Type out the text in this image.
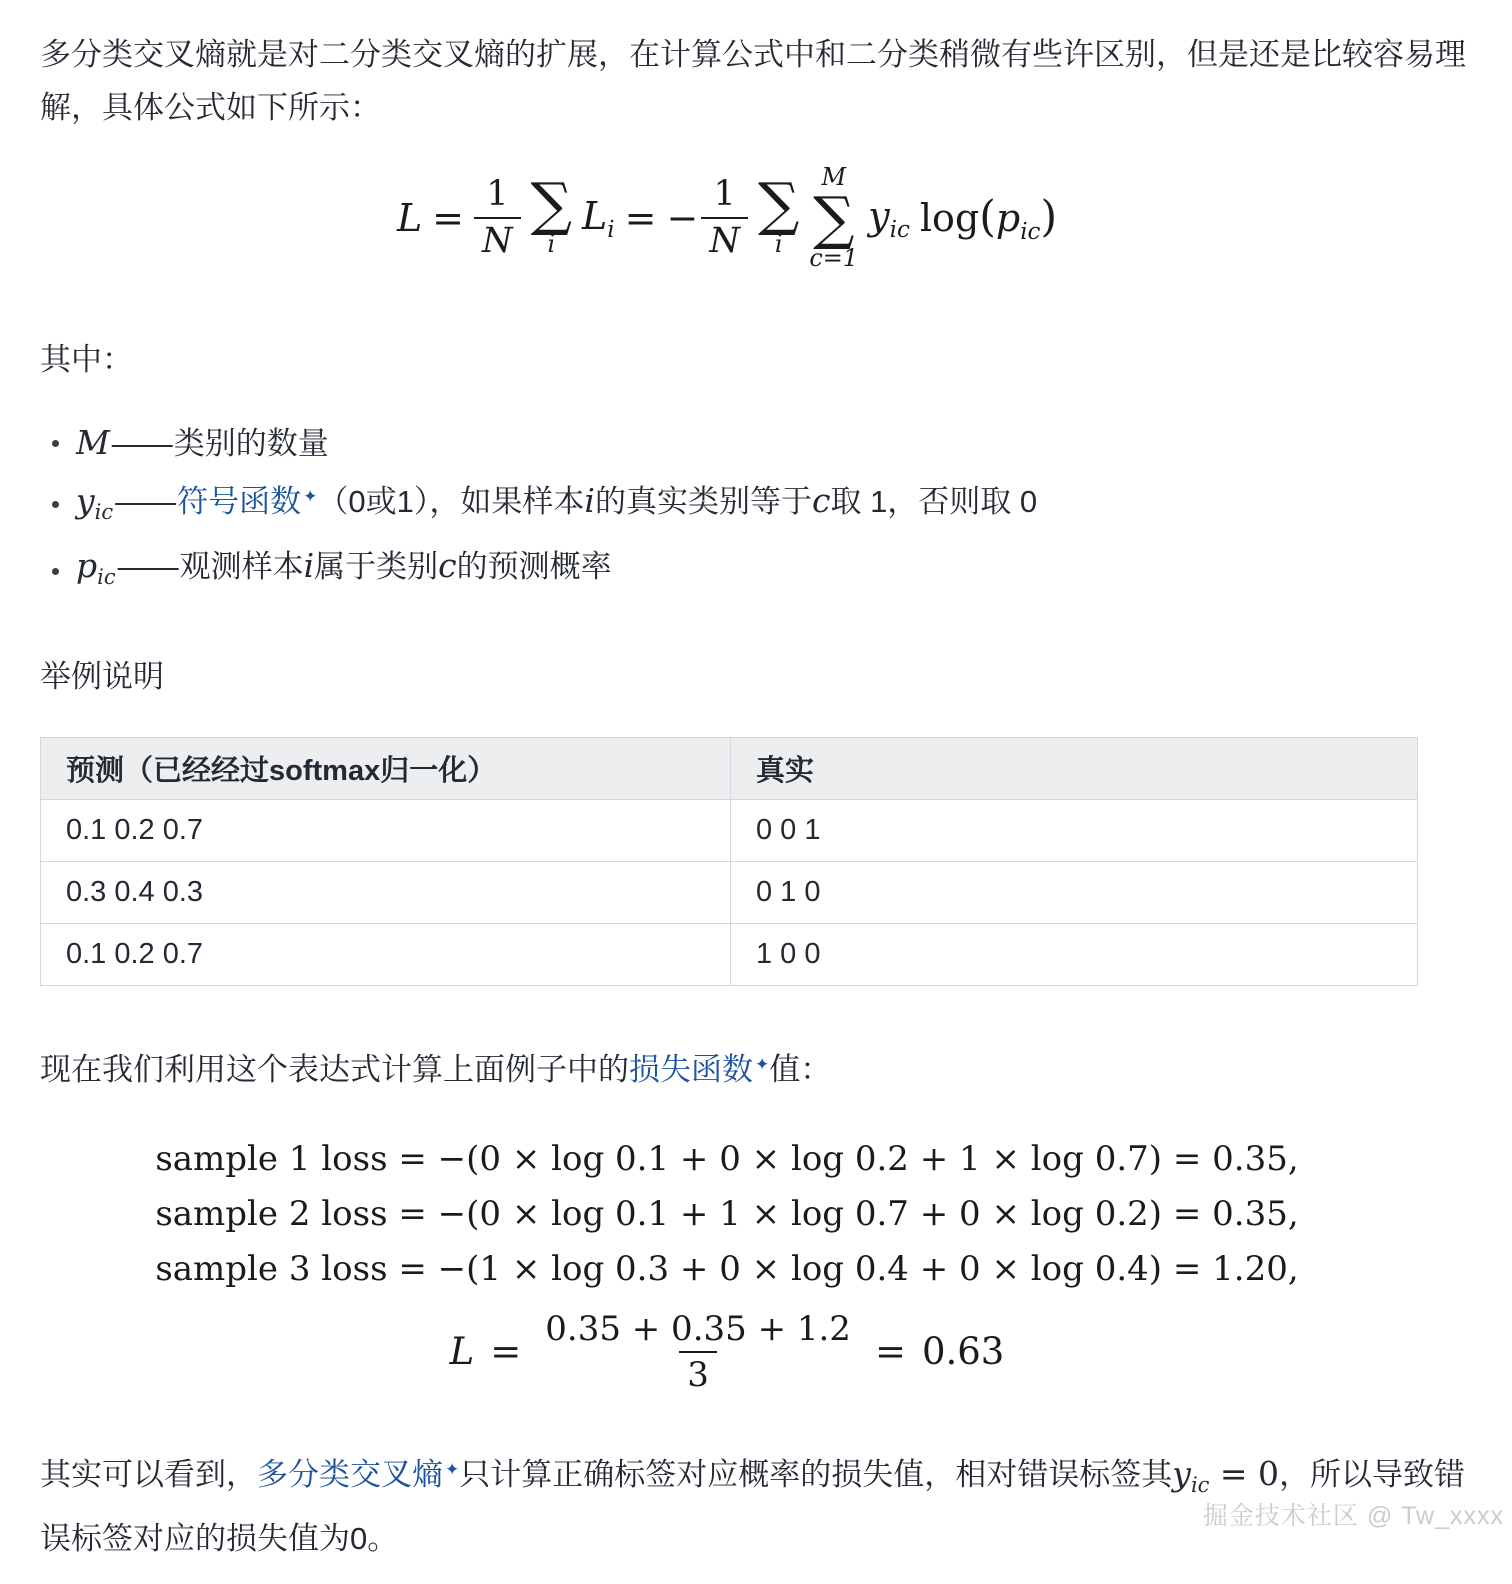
多分类交叉熵就是对二分类交叉熵的扩展，在计算公式中和二分类稍微有些许区别，但是还是比较容易理解，具体公式如下所示：

$L = \frac{1}{N}$ ∑
i
$L_i$ = − $\frac{1}{N}$ ∑
i
M
∑
c=1
$y_{ic}$ $\log(p_{ic})$

其中：

M——类别的数量
$y_{ic}——$符号函数 ✦（0或1），如果样本i的真实类别等于c取 1，否则取 0
$p_{ic}——$观测样本i属于类别c的预测概率

举例说明

预测（已经经过softmax归一化）	真实
0.1 0.2 0.7	0 0 1
0.3 0.4 0.3	0 1 0
0.1 0.2 0.7	1 0 0

现在我们利用这个表达式计算上面例子中的损失函数 ✦值：

sample 1 loss = −(0 × log 0.1 + 0 × log 0.2 + 1 × log 0.7) = 0.35,
sample 2 loss = −(0 × log 0.1 + 1 × log 0.7 + 0 × log 0.2) = 0.35,
sample 3 loss = −(1 × log 0.3 + 0 × log 0.4 + 0 × log 0.4) = 1.20,
$L = \frac{0.35 + 0.35 + 1.2}{3} = 0.63$

其实可以看到，多分类交叉熵 ✦只计算正确标签对应概率的损失值，相对错误标签其$y_{ic} = 0$，所以导致错误标签对应的损失值为0。

掘金技术社区 @ Tw_xxxx
